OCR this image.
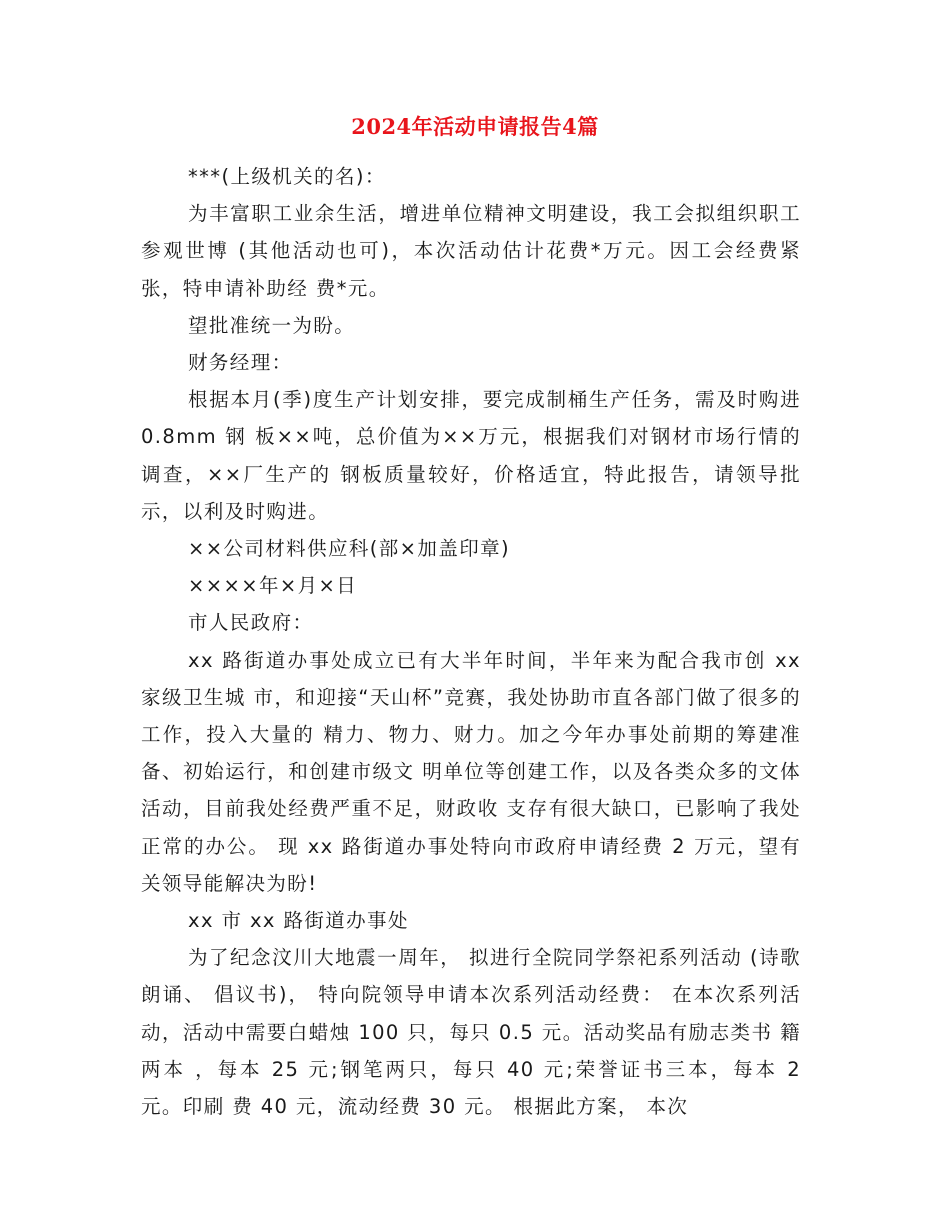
2024年活动申请报告4篇

***(上级机关的名)：

为丰富职工业余生活，增进单位精神文明建设，我工会拟组织职工参观世博 (其他活动也可)，本次活动估计花费*万元。因工会经费紧张，特申请补助经 费*元。

望批准统一为盼。

财务经理：

根据本月(季)度生产计划安排，要完成制桶生产任务，需及时购进 0.8mm 钢 板××吨，总价值为××万元，根据我们对钢材市场行情的调查，××厂生产的 钢板质量较好，价格适宜，特此报告，请领导批示，以利及时购进。

××公司材料供应科(部×加盖印章)

××××年×月×日

市人民政府：

xx 路街道办事处成立已有大半年时间，半年来为配合我市创 xx 家级卫生城 市，和迎接“天山杯”竞赛，我处协助市直各部门做了很多的工作，投入大量的 精力、物力、财力。加之今年办事处前期的筹建准备、初始运行，和创建市级文 明单位等创建工作，以及各类众多的文体活动，目前我处经费严重不足，财政收 支存有很大缺口，已影响了我处正常的办公。 现 xx 路街道办事处特向市政府申请经费 2 万元，望有关领导能解决为盼!

xx 市 xx 路街道办事处

为了纪念汶川大地震一周年， 拟进行全院同学祭祀系列活动 (诗歌朗诵、 倡议书)， 特向院领导申请本次系列活动经费： 在本次系列活动，活动中需要白蜡烛 100 只，每只 0.5 元。活动奖品有励志类书 籍 两本 ，每本 25 元;钢笔两只，每只 40 元;荣誉证书三本，每本 2 元。印刷 费 40 元，流动经费 30 元。 根据此方案， 本次
